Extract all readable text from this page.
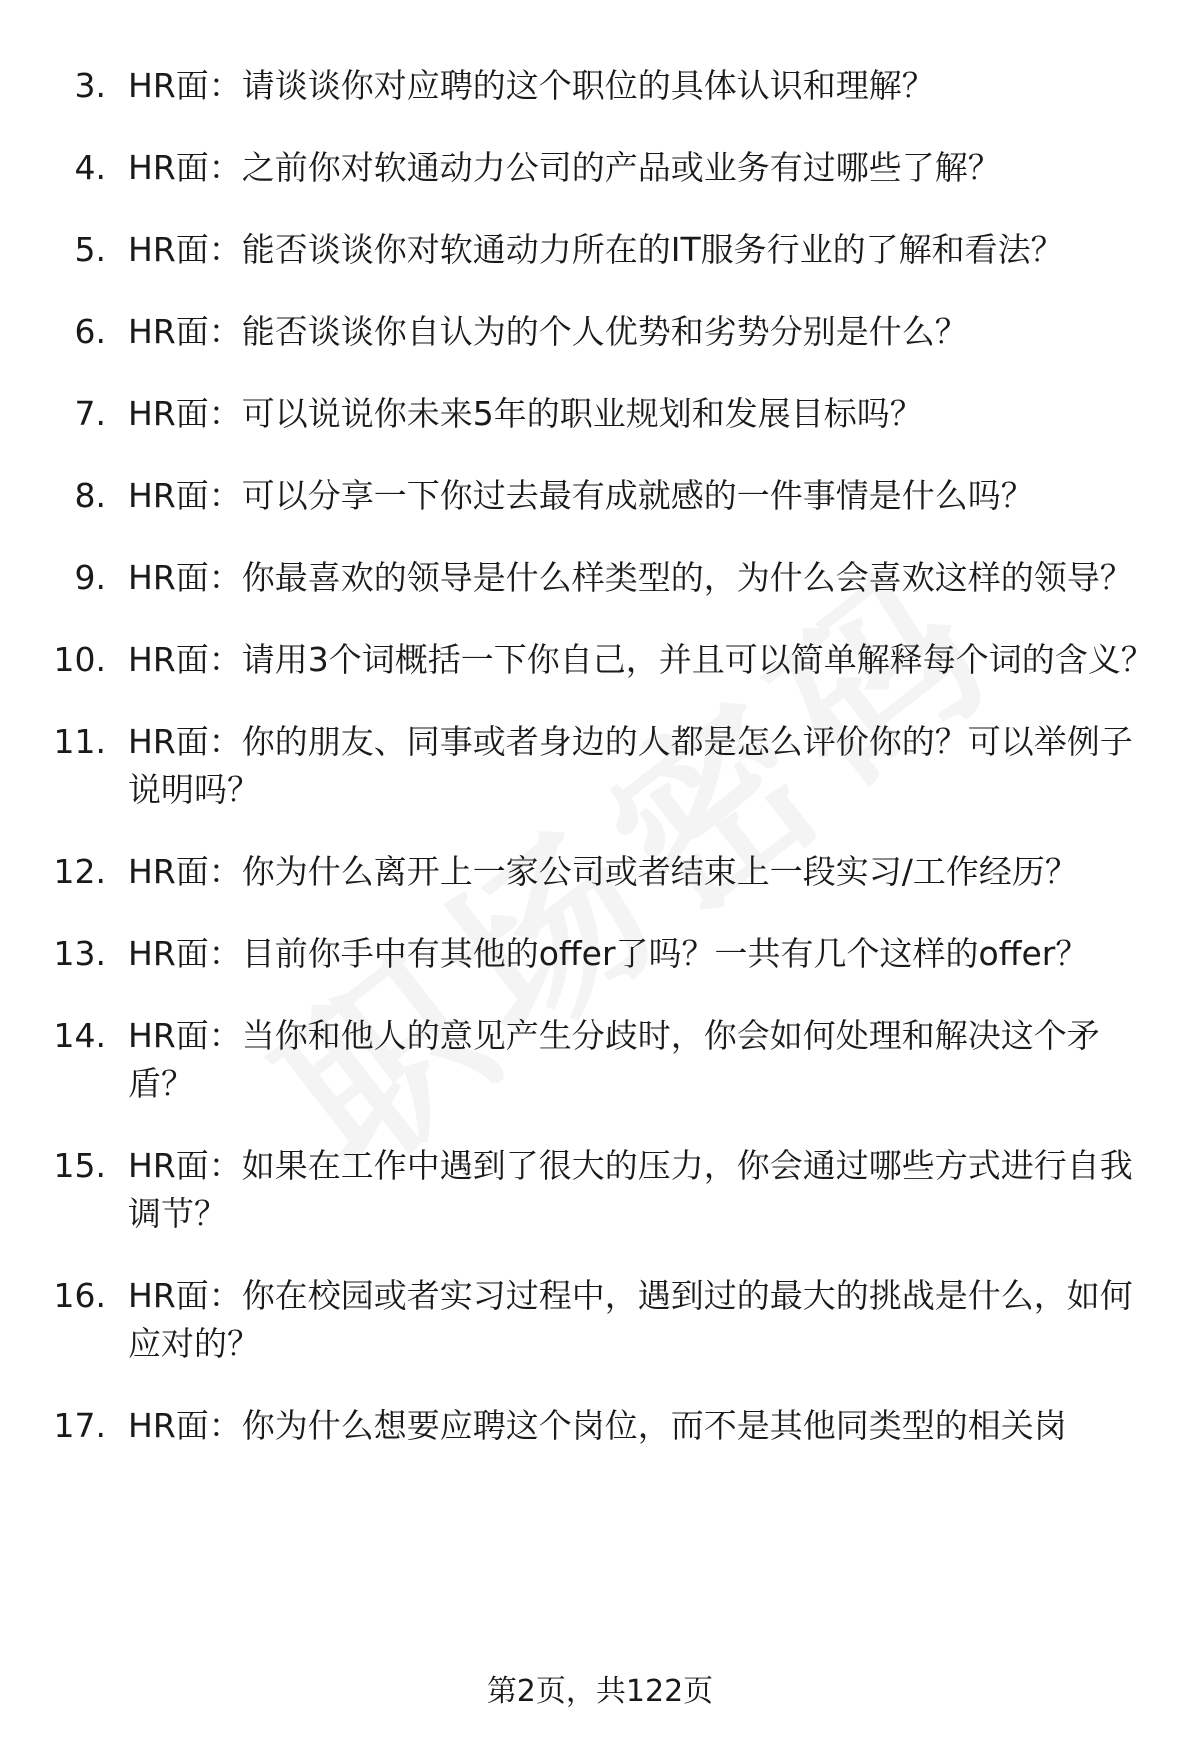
3. HR面：请谈谈你对应聘的这个职位的具体认识和理解？
4. HR面：之前你对软通动力公司的产品或业务有过哪些了解？
5. HR面：能否谈谈你对软通动力所在的IT服务行业的了解和看法？
6. HR面：能否谈谈你自认为的个人优势和劣势分别是什么？
7. HR面：可以说说你未来5年的职业规划和发展目标吗？
8. HR面：可以分享一下你过去最有成就感的一件事情是什么吗？
9. HR面：你最喜欢的领导是什么样类型的，为什么会喜欢这样的领导？
10. HR面：请用3个词概括一下你自己，并且可以简单解释每个词的含义？
11. HR面：你的朋友、同事或者身边的人都是怎么评价你的？可以举例子说明吗？
12. HR面：你为什么离开上一家公司或者结束上一段实习/工作经历？
13. HR面：目前你手中有其他的offer了吗？一共有几个这样的offer？
14. HR面：当你和他人的意见产生分歧时，你会如何处理和解决这个矛盾？
15. HR面：如果在工作中遇到了很大的压力，你会通过哪些方式进行自我调节？
16. HR面：你在校园或者实习过程中，遇到过的最大的挑战是什么，如何应对的？
17. HR面：你为什么想要应聘这个岗位，而不是其他同类型的相关岗
第2页，共122页
